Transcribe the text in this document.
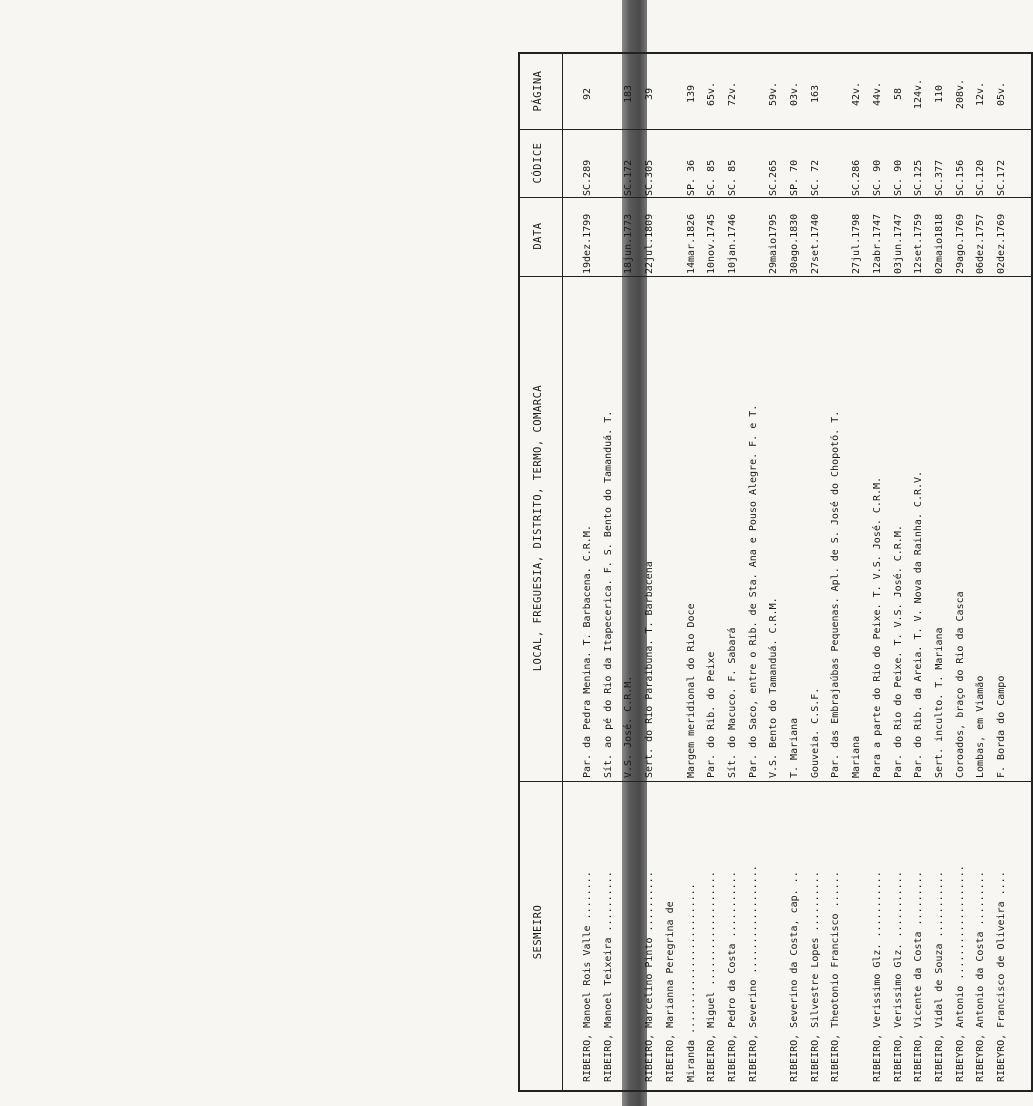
SESMEIRO
LOCAL, FREGUESIA, DISTRITO, TERMO, COMARCA
DATA
CÓDICE
PÁGINA
RIBEIRO, Manoel Rois Valle ........
Par. da Pedra Menina. T. Barbacena. C.R.M.
19dez.1799
SC.289
92
RIBEIRO, Manoel Teixeira ..........
Sít. ao pé do Rio da Itapecerica. F. S. Bento do Tamanduá. T. V.S. José. C.R.M.
18jun.1773
SC.172
183
RIBEIRO, Marcelino Pinto ..........
Sert. do Rio Paraibuna. T. Barbacena
22jul.1809
SC.305
39
RIBEIRO, Marianna Peregrina de Miranda .........................
Margem meridional do Rio Doce
14mar.1826
SP. 36
139
RIBEIRO, Miguel ...................
Par. do Rib. do Peixe
10nov.1745
SC. 85
65v.
RIBEIRO, Pedro da Costa ...........
Sít. do Macuco. F. Sabará
10jan.1746
SC. 85
72v.
RIBEIRO, Severino ..................
Par. do Saco, entre o Rib. de Sta. Ana e Pouso Alegre. F. e T. V.S. Bento do Tamanduá. C.R.M.
29maio1795
SC.265
59v.
RIBEIRO, Severino da Costa, cap. ..
T. Mariana
30ago.1830
SP. 70
03v.
RIBEIRO, Silvestre Lopes ..........
Gouveia. C.S.F.
27set.1740
SC. 72
163
RIBEIRO, Theotonio Francisco ......
Par. das Embrajaúbas Pequenas. Apl. de S. José do Chopotó. T. Mariana
27jul.1798
SC.286
42v.
RIBEIRO, Verissimo Glz. ...........
Para a parte do Rio do Peixe. T. V.S. José. C.R.M.
12abr.1747
SC. 90
44v.
RIBEIRO, Verissimo Glz. ...........
Par. do Rio do Peixe. T. V.S. José. C.R.M.
03jun.1747
SC. 90
58
RIBEIRO, Vicente da Costa .........
Par. do Rib. da Areia. T. V. Nova da Rainha. C.R.V.
12set.1759
SC.125
124v.
RIBEIRO, Vidal de Souza ...........
Sert. inculto. T. Mariana
02maio1818
SC.377
110
RIBEYRO, Antonio ...................
Coroados, braço do Rio da Casca
29ago.1769
SC.156
208v.
RIBEYRO, Antonio da Costa .........
Lombas, em Viamão
06dez.1757
SC.120
12v.
RIBEYRO, Francisco de Oliveira ....
F. Borda do Campo
02dez.1769
SC.172
05v.
